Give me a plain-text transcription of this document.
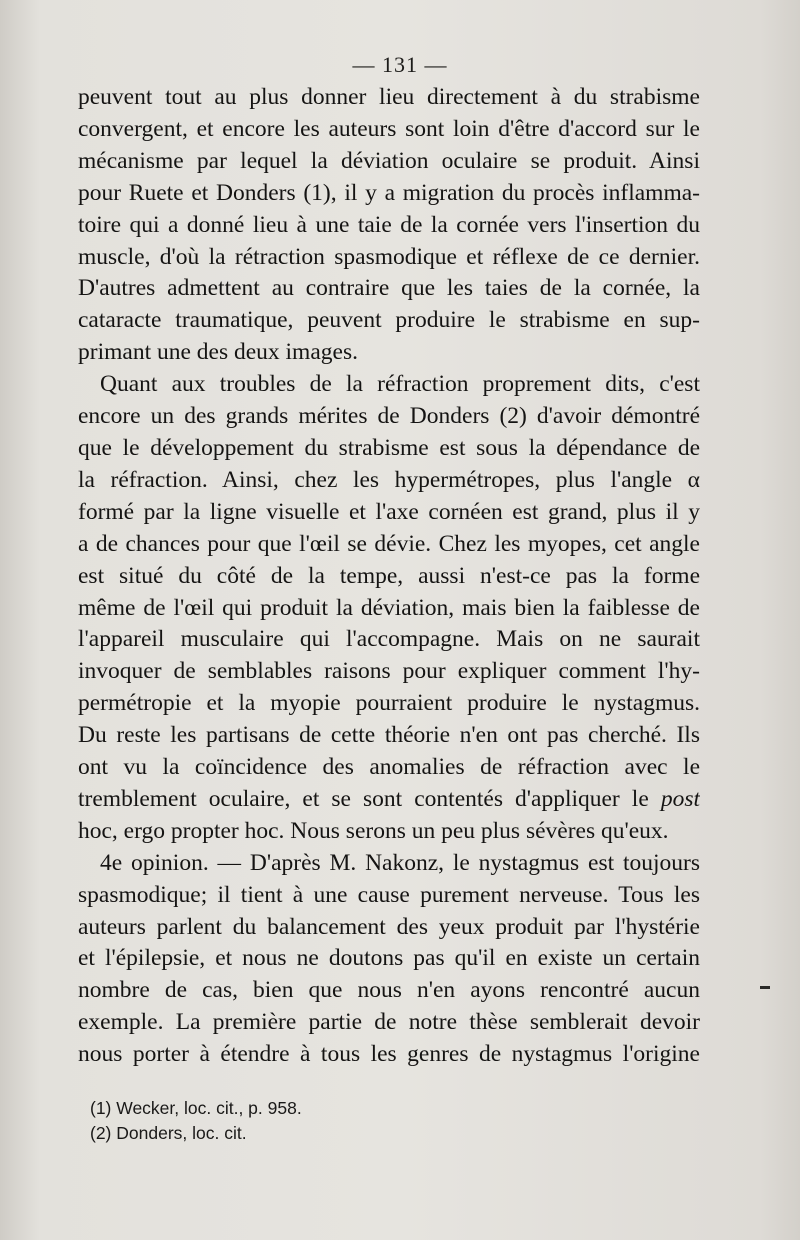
— 131 —
peuvent tout au plus donner lieu directement à du strabisme
convergent, et encore les auteurs sont loin d'être d'accord sur le
mécanisme par lequel la déviation oculaire se produit. Ainsi
pour Ruete et Donders (1), il y a migration du procès inflamma-
toire qui a donné lieu à une taie de la cornée vers l'insertion du
muscle, d'où la rétraction spasmodique et réflexe de ce dernier.
D'autres admettent au contraire que les taies de la cornée, la
cataracte traumatique, peuvent produire le strabisme en sup-
primant une des deux images.
Quant aux troubles de la réfraction proprement dits, c'est
encore un des grands mérites de Donders (2) d'avoir démontré
que le développement du strabisme est sous la dépendance de
la réfraction. Ainsi, chez les hypermétropes, plus l'angle α
formé par la ligne visuelle et l'axe cornéen est grand, plus il y
a de chances pour que l'œil se dévie. Chez les myopes, cet angle
est situé du côté de la tempe, aussi n'est-ce pas la forme
même de l'œil qui produit la déviation, mais bien la faiblesse de
l'appareil musculaire qui l'accompagne. Mais on ne saurait
invoquer de semblables raisons pour expliquer comment l'hy-
permétropie et la myopie pourraient produire le nystagmus.
Du reste les partisans de cette théorie n'en ont pas cherché. Ils
ont vu la coïncidence des anomalies de réfraction avec le
tremblement oculaire, et se sont contentés d'appliquer le post
hoc, ergo propter hoc. Nous serons un peu plus sévères qu'eux.
4e opinion. — D'après M. Nakonz, le nystagmus est toujours
spasmodique; il tient à une cause purement nerveuse. Tous les
auteurs parlent du balancement des yeux produit par l'hystérie
et l'épilepsie, et nous ne doutons pas qu'il en existe un certain
nombre de cas, bien que nous n'en ayons rencontré aucun
exemple. La première partie de notre thèse semblerait devoir
nous porter à étendre à tous les genres de nystagmus l'origine
(1) Wecker, loc. cit., p. 958.
(2) Donders, loc. cit.
